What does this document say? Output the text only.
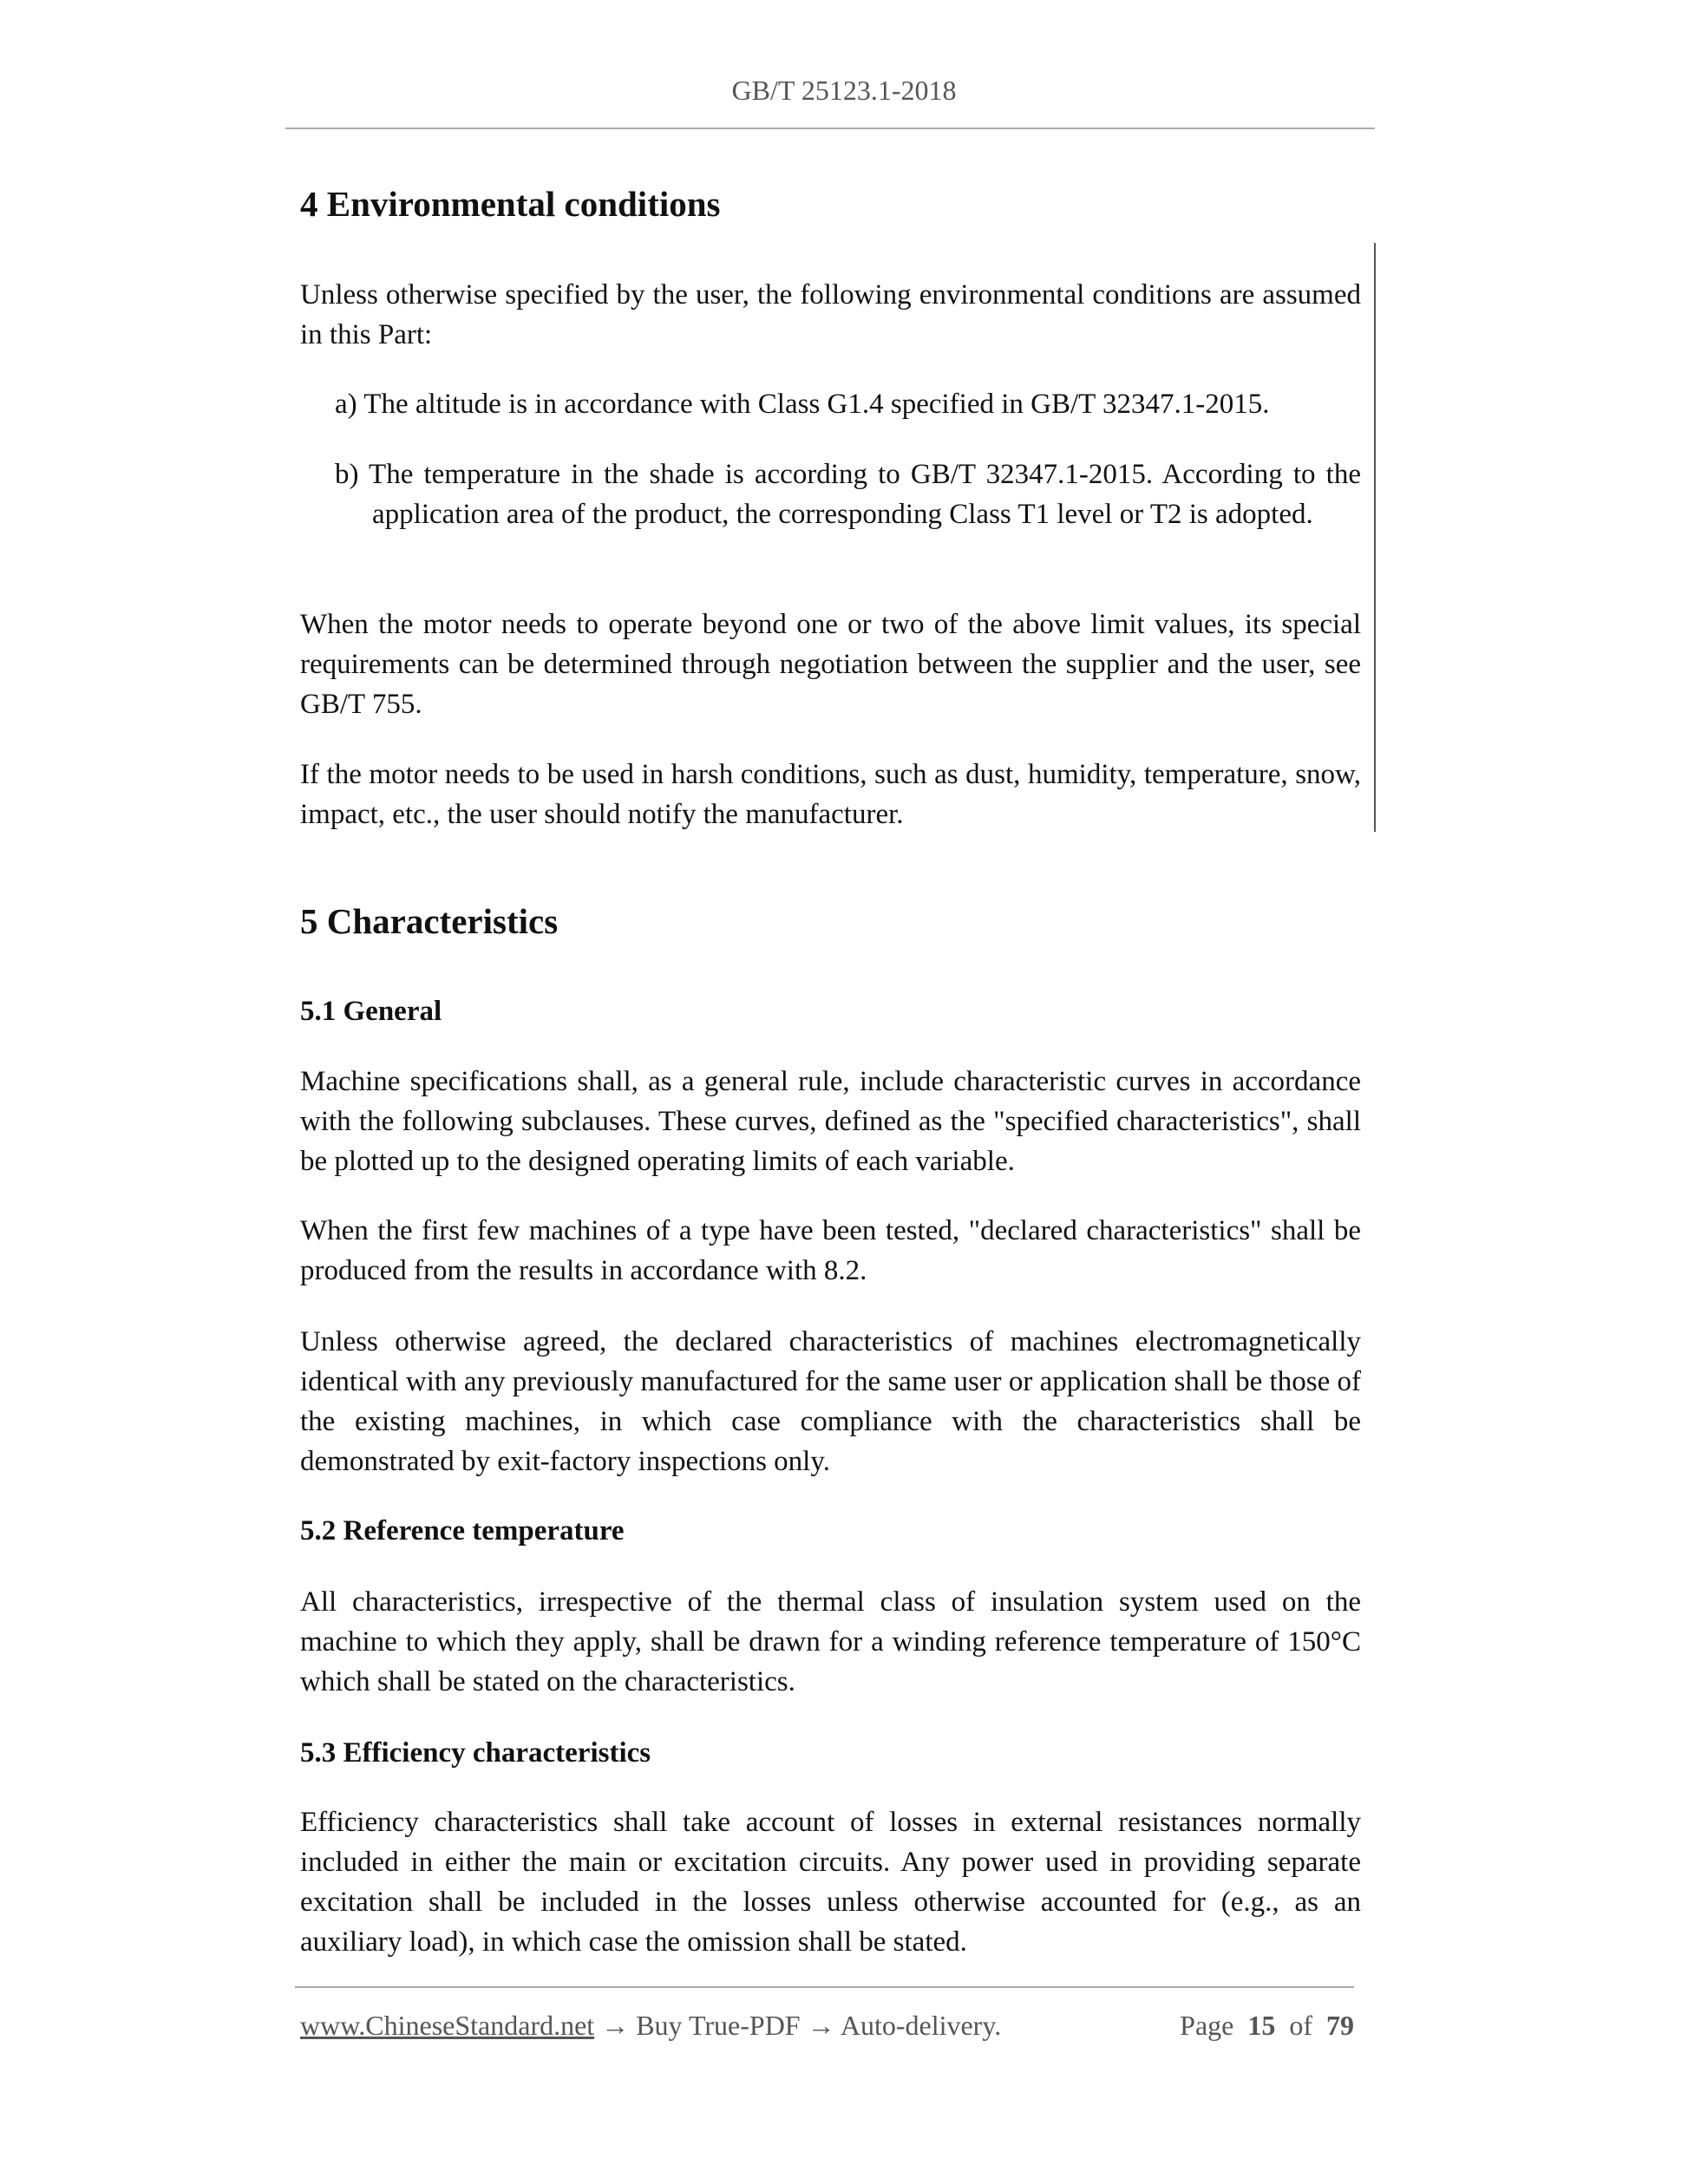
GB/T 25123.1-2018
4 Environmental conditions
Unless otherwise specified by the user, the following environmental conditions are assumed in this Part:
a) The altitude is in accordance with Class G1.4 specified in GB/T 32347.1-2015.
b) The temperature in the shade is according to GB/T 32347.1-2015. According to the application area of the product, the corresponding Class T1 level or T2 is adopted.
When the motor needs to operate beyond one or two of the above limit values, its special requirements can be determined through negotiation between the supplier and the user, see GB/T 755.
If the motor needs to be used in harsh conditions, such as dust, humidity, temperature, snow, impact, etc., the user should notify the manufacturer.
5 Characteristics
5.1 General
Machine specifications shall, as a general rule, include characteristic curves in accordance with the following subclauses. These curves, defined as the "specified characteristics", shall be plotted up to the designed operating limits of each variable.
When the first few machines of a type have been tested, "declared characteristics" shall be produced from the results in accordance with 8.2.
Unless otherwise agreed, the declared characteristics of machines electromagnetically identical with any previously manufactured for the same user or application shall be those of the existing machines, in which case compliance with the characteristics shall be demonstrated by exit-factory inspections only.
5.2 Reference temperature
All characteristics, irrespective of the thermal class of insulation system used on the machine to which they apply, shall be drawn for a winding reference temperature of 150°C which shall be stated on the characteristics.
5.3 Efficiency characteristics
Efficiency characteristics shall take account of losses in external resistances normally included in either the main or excitation circuits. Any power used in providing separate excitation shall be included in the losses unless otherwise accounted for (e.g., as an auxiliary load), in which case the omission shall be stated.
www.ChineseStandard.net → Buy True-PDF → Auto-delivery.	Page 15 of 79
